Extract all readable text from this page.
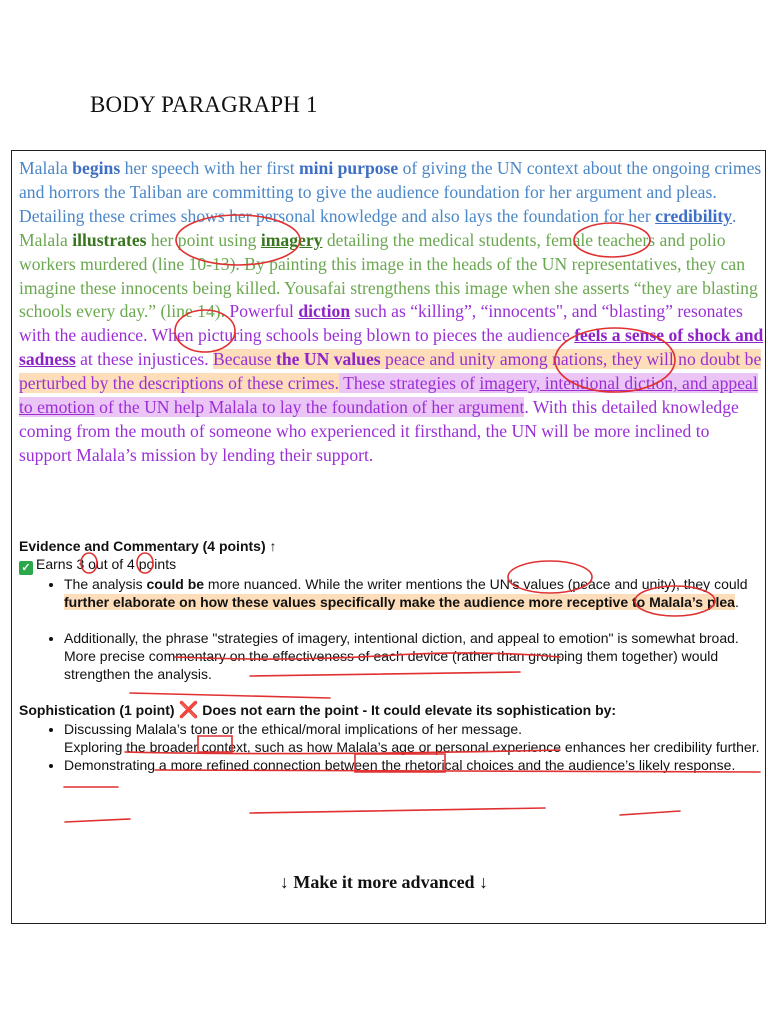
BODY PARAGRAPH 1

Malala begins her speech with her first mini purpose of giving the UN context about the ongoing crimes and horrors the Taliban are committing to give the audience foundation for her argument and pleas. Detailing these crimes shows her personal knowledge and also lays the foundation for her credibility. Malala illustrates her point using imagery detailing the medical students, female teachers and polio workers murdered (line 10-13). By painting this image in the heads of the UN representatives, they can imagine these innocents being killed. Yousafai strengthens this image when she asserts “they are blasting schools every day.” (line 14). Powerful diction such as “killing”, “innocents", and “blasting” resonates with the audience. When picturing schools being blown to pieces the audience feels a sense of shock and sadness at these injustices. Because the UN values peace and unity among nations, they will no doubt be perturbed by the descriptions of these crimes. These strategies of imagery, intentional diction, and appeal to emotion of the UN help Malala to lay the foundation of her argument. With this detailed knowledge coming from the mouth of someone who experienced it firsthand, the UN will be more inclined to support Malala’s mission by lending their support.

Evidence and Commentary (4 points) ↑

✓ Earns 3 out of 4 points

• The analysis could be more nuanced. While the writer mentions the UN's values (peace and unity), they could further elaborate on how these values specifically make the audience more receptive to Malala’s plea.
• Additionally, the phrase "strategies of imagery, intentional diction, and appeal to emotion" is somewhat broad. More precise commentary on the effectiveness of each device (rather than grouping them together) would strengthen the analysis.
Sophistication (1 point) ❌ Does not earn the point - It could elevate its sophistication by:
• Discussing Malala’s tone or the ethical/moral implications of her message.
Exploring the broader context, such as how Malala’s age or personal experience enhances her credibility further.
• Demonstrating a more refined connection between the rhetorical choices and the audience’s likely response.
↓ Make it more advanced ↓
